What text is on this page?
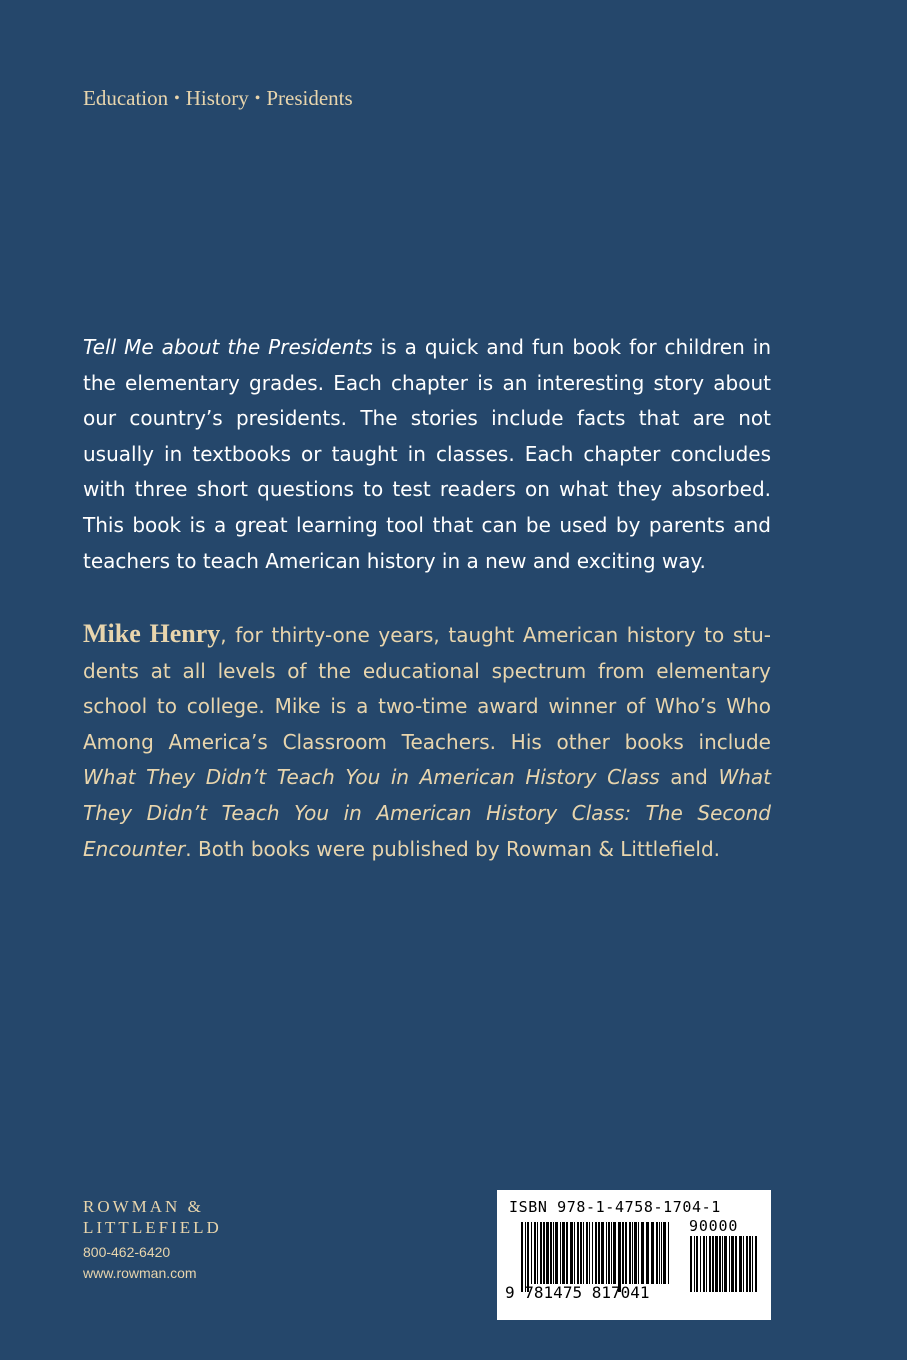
Education • History • Presidents

Tell Me about the Presidents is a quick and fun book for children in the elementary grades. Each chapter is an interesting story about our country’s presidents. The stories include facts that are not usually in textbooks or taught in classes. Each chapter concludes with three short questions to test readers on what they absorbed. This book is a great learning tool that can be used by parents and teachers to teach American history in a new and exciting way.

Mike Henry, for thirty-one years, taught American history to students at all levels of the educational spectrum from elementary school to college. Mike is a two-time award winner of Who’s Who Among America’s Classroom Teachers. His other books include What They Didn’t Teach You in American History Class and What They Didn’t Teach You in American History Class: The Second Encounter. Both books were published by Rowman & Littlefield.

ROWMAN &
LITTLEFIELD
800-462-6420
www.rowman.com
ISBN 978-1-4758-1704-1
90000
9 781475 817041
